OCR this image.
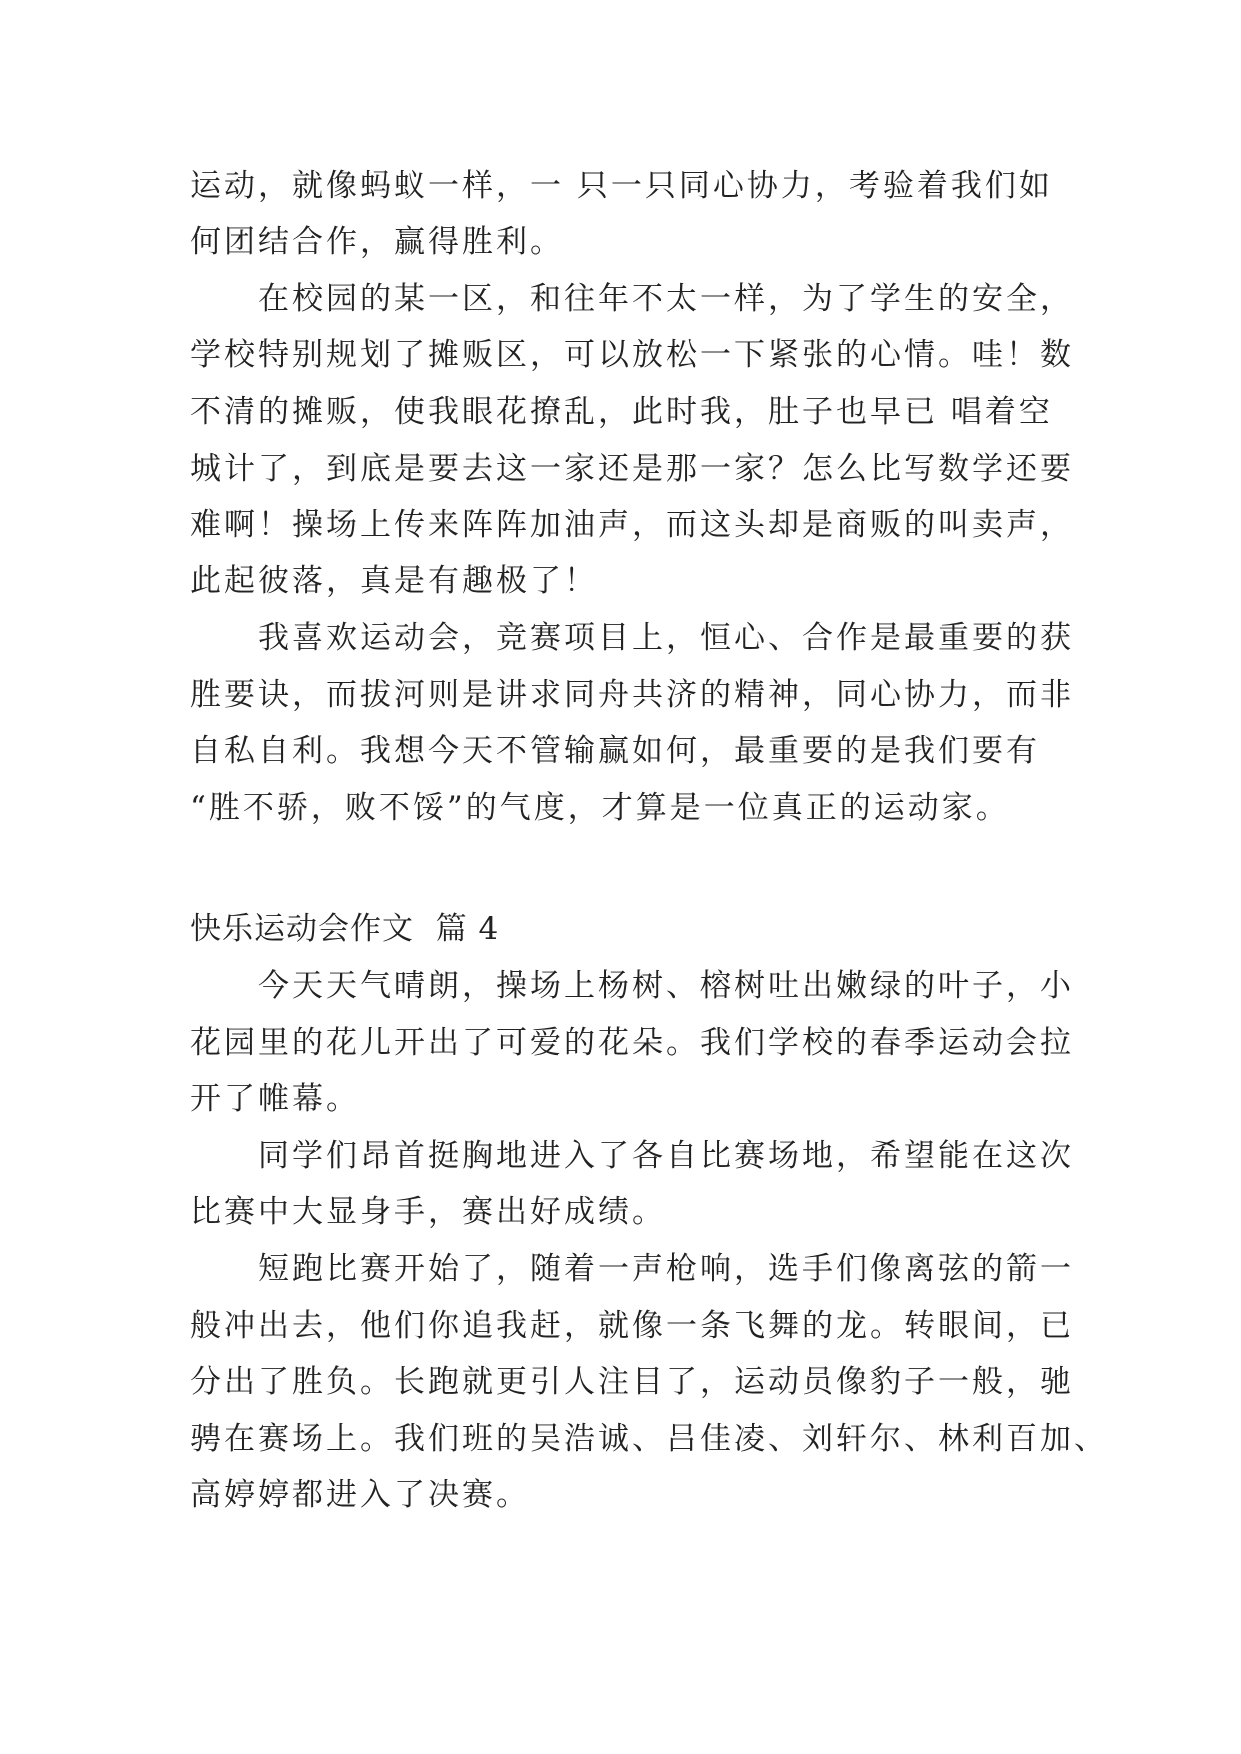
运动，就像蚂蚁一样，一 只一只同心协力，考验着我们如
何团结合作，赢得胜利。
　　在校园的某一区，和往年不太一样，为了学生的安全，
学校特别规划了摊贩区，可以放松一下紧张的心情。哇！数
不清的摊贩，使我眼花撩乱，此时我，肚子也早已 唱着空
城计了，到底是要去这一家还是那一家？怎么比写数学还要
难啊！操场上传来阵阵加油声，而这头却是商贩的叫卖声，
此起彼落，真是有趣极了！
　　我喜欢运动会，竞赛项目上，恒心、合作是最重要的获
胜要诀，而拔河则是讲求同舟共济的精神，同心协力，而非
自私自利。我想今天不管输赢如何，最重要的是我们要有
“胜不骄，败不馁”的气度，才算是一位真正的运动家。
快乐运动会作文  篇 4
　　今天天气晴朗，操场上杨树、榕树吐出嫩绿的叶子，小
花园里的花儿开出了可爱的花朵。我们学校的春季运动会拉
开了帷幕。
　　同学们昂首挺胸地进入了各自比赛场地，希望能在这次
比赛中大显身手，赛出好成绩。
　　短跑比赛开始了，随着一声枪响，选手们像离弦的箭一
般冲出去，他们你追我赶，就像一条飞舞的龙。转眼间，已
分出了胜负。长跑就更引人注目了，运动员像豹子一般，驰
骋在赛场上。我们班的吴浩诚、吕佳凌、刘轩尔、林利百加、
高婷婷都进入了决赛。
